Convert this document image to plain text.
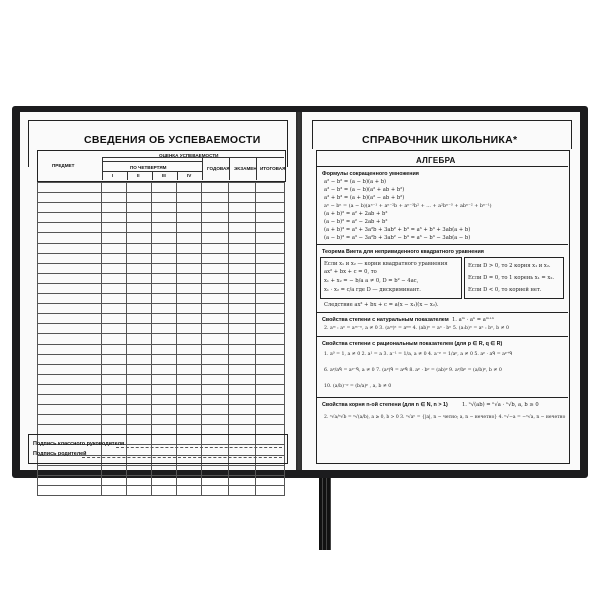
СВЕДЕНИЯ ОБ УСПЕВАЕМОСТИ
ПРЕДМЕТ
ОЦЕНКА УСПЕВАЕМОСТИ
ПО ЧЕТВЕРТЯМ
I	II	III	IV
ГОДОВАЯ ЭКЗАМЕН ИТОГОВАЯ

Подпись классного руководителя
Подпись родителей
СПРАВОЧНИК ШКОЛЬНИКА*
АЛГЕБРА
Формулы сокращенного умножения
a² − b² = (a − b)(a + b)
a³ − b³ = (a − b)(a² + ab + b²)
a³ + b³ = (a + b)(a² − ab + b²)
aⁿ − bⁿ = (a − b)(aⁿ⁻¹ + aⁿ⁻²b + aⁿ⁻³b² + ... + a²bⁿ⁻³ + abⁿ⁻² + bⁿ⁻¹)
(a + b)² = a² + 2ab + b²
(a − b)² = a² − 2ab + b²
(a + b)³ = a³ + 3a²b + 3ab² + b³ = a³ + b³ + 3ab(a + b)
(a − b)³ = a³ − 3a²b + 3ab² − b³ = a³ − b³ − 3ab(a − b)
Теорема Виета для непривиденного квадратного уравнения
Если x₁ и x₂ — корни квадратного уравнения
ax² + bx + c = 0, то
x₁ + x₂ = − b/a a ≠ 0, D = b² − 4ac,
x₁ · x₂ = c/a где D — дискриминант.
Если D > 0, то 2 корня x₁ и x₂.
Если D = 0, то 1 корень x₁ = x₂.
Если D < 0, то корней нет.
Следствие ax² + bx + c = a(x − x₁)(x − x₂).
Свойства степени с натуральным показателем 1. aᵐ · aⁿ = aᵐ⁺ⁿ
2. aᵐ : aⁿ = aᵐ⁻ⁿ, a ≠ 0 3. (aᵐ)ⁿ = aᵐⁿ 4. (ab)ⁿ = aⁿ · bⁿ 5. (a:b)ⁿ = aⁿ : bⁿ, b ≠ 0
Свойства степени с рациональным показателем (для p ∈ R, q ∈ R)
1. a⁰ = 1, a ≠ 0 2. a¹ = a 3. a⁻¹ = 1/a, a ≠ 0 4. a⁻ᵖ = 1/aᵖ, a ≠ 0 5. aᵖ · aᑫ = aᵖ⁺ᑫ
6. aᵖ/aᑫ = aᵖ⁻ᑫ, a ≠ 0 7. (aᵖ)ᑫ = aᵖᑫ 8. aᵖ · bᵖ = (ab)ᵖ 9. aᵖ/bᵖ = (a/b)ᵖ, b ≠ 0
10. (a/b)⁻ᵖ = (b/a)ᵖ , a, b ≠ 0
Свойства корня n-ой степени (для n ∈ N, n > 1)	1. ⁿ√(ab) = ⁿ√a · ⁿ√b, a, b ≥ 0
2. ⁿ√a/ⁿ√b = ⁿ√(a/b), a ≥ 0, b > 0 3. ⁿ√aⁿ = {|a|, n − четно; a, n − нечетно} 4. ⁿ√−a = −ⁿ√a, n − нечетно
